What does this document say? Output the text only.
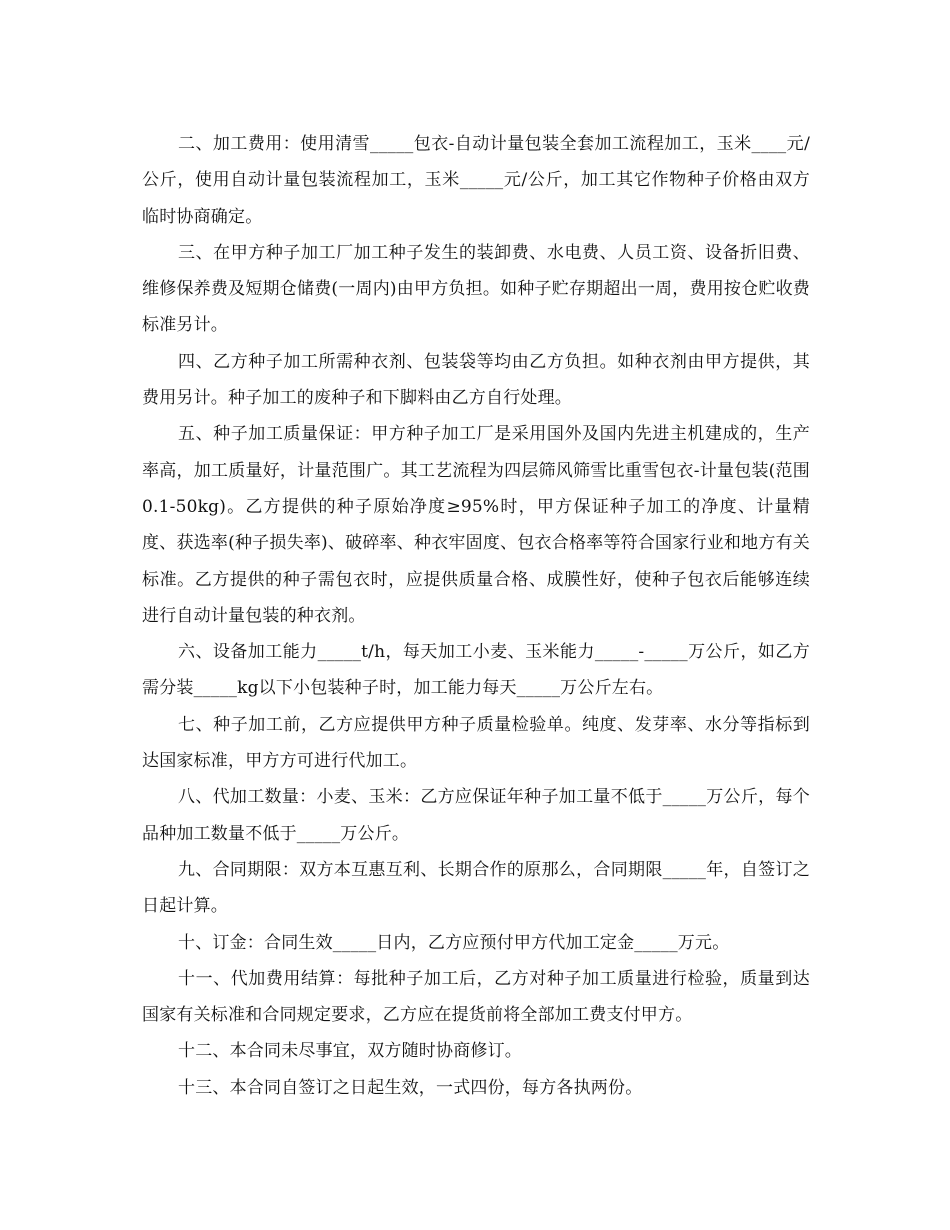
二、加工费用：使用清雪_____包衣-自动计量包装全套加工流程加工，玉米____元/公斤，使用自动计量包装流程加工，玉米_____元/公斤，加工其它作物种子价格由双方临时协商确定。

三、在甲方种子加工厂加工种子发生的装卸费、水电费、人员工资、设备折旧费、维修保养费及短期仓储费(一周内)由甲方负担。如种子贮存期超出一周，费用按仓贮收费标准另计。

四、乙方种子加工所需种衣剂、包装袋等均由乙方负担。如种衣剂由甲方提供，其费用另计。种子加工的废种子和下脚料由乙方自行处理。

五、种子加工质量保证：甲方种子加工厂是采用国外及国内先进主机建成的，生产率高，加工质量好，计量范围广。其工艺流程为四层筛风筛雪比重雪包衣-计量包装(范围0.1-50kg)。乙方提供的种子原始净度≥95%时，甲方保证种子加工的净度、计量精度、获选率(种子损失率)、破碎率、种衣牢固度、包衣合格率等符合国家行业和地方有关标准。乙方提供的种子需包衣时，应提供质量合格、成膜性好，使种子包衣后能够连续进行自动计量包装的种衣剂。

六、设备加工能力_____t/h，每天加工小麦、玉米能力_____-_____万公斤，如乙方需分装_____kg以下小包装种子时，加工能力每天_____万公斤左右。

七、种子加工前，乙方应提供甲方种子质量检验单。纯度、发芽率、水分等指标到达国家标准，甲方方可进行代加工。

八、代加工数量：小麦、玉米：乙方应保证年种子加工量不低于_____万公斤，每个品种加工数量不低于_____万公斤。

九、合同期限：双方本互惠互利、长期合作的原那么，合同期限_____年，自签订之日起计算。

十、订金：合同生效_____日内，乙方应预付甲方代加工定金_____万元。

十一、代加费用结算：每批种子加工后，乙方对种子加工质量进行检验，质量到达国家有关标准和合同规定要求，乙方应在提货前将全部加工费支付甲方。

十二、本合同未尽事宜，双方随时协商修订。

十三、本合同自签订之日起生效，一式四份，每方各执两份。
